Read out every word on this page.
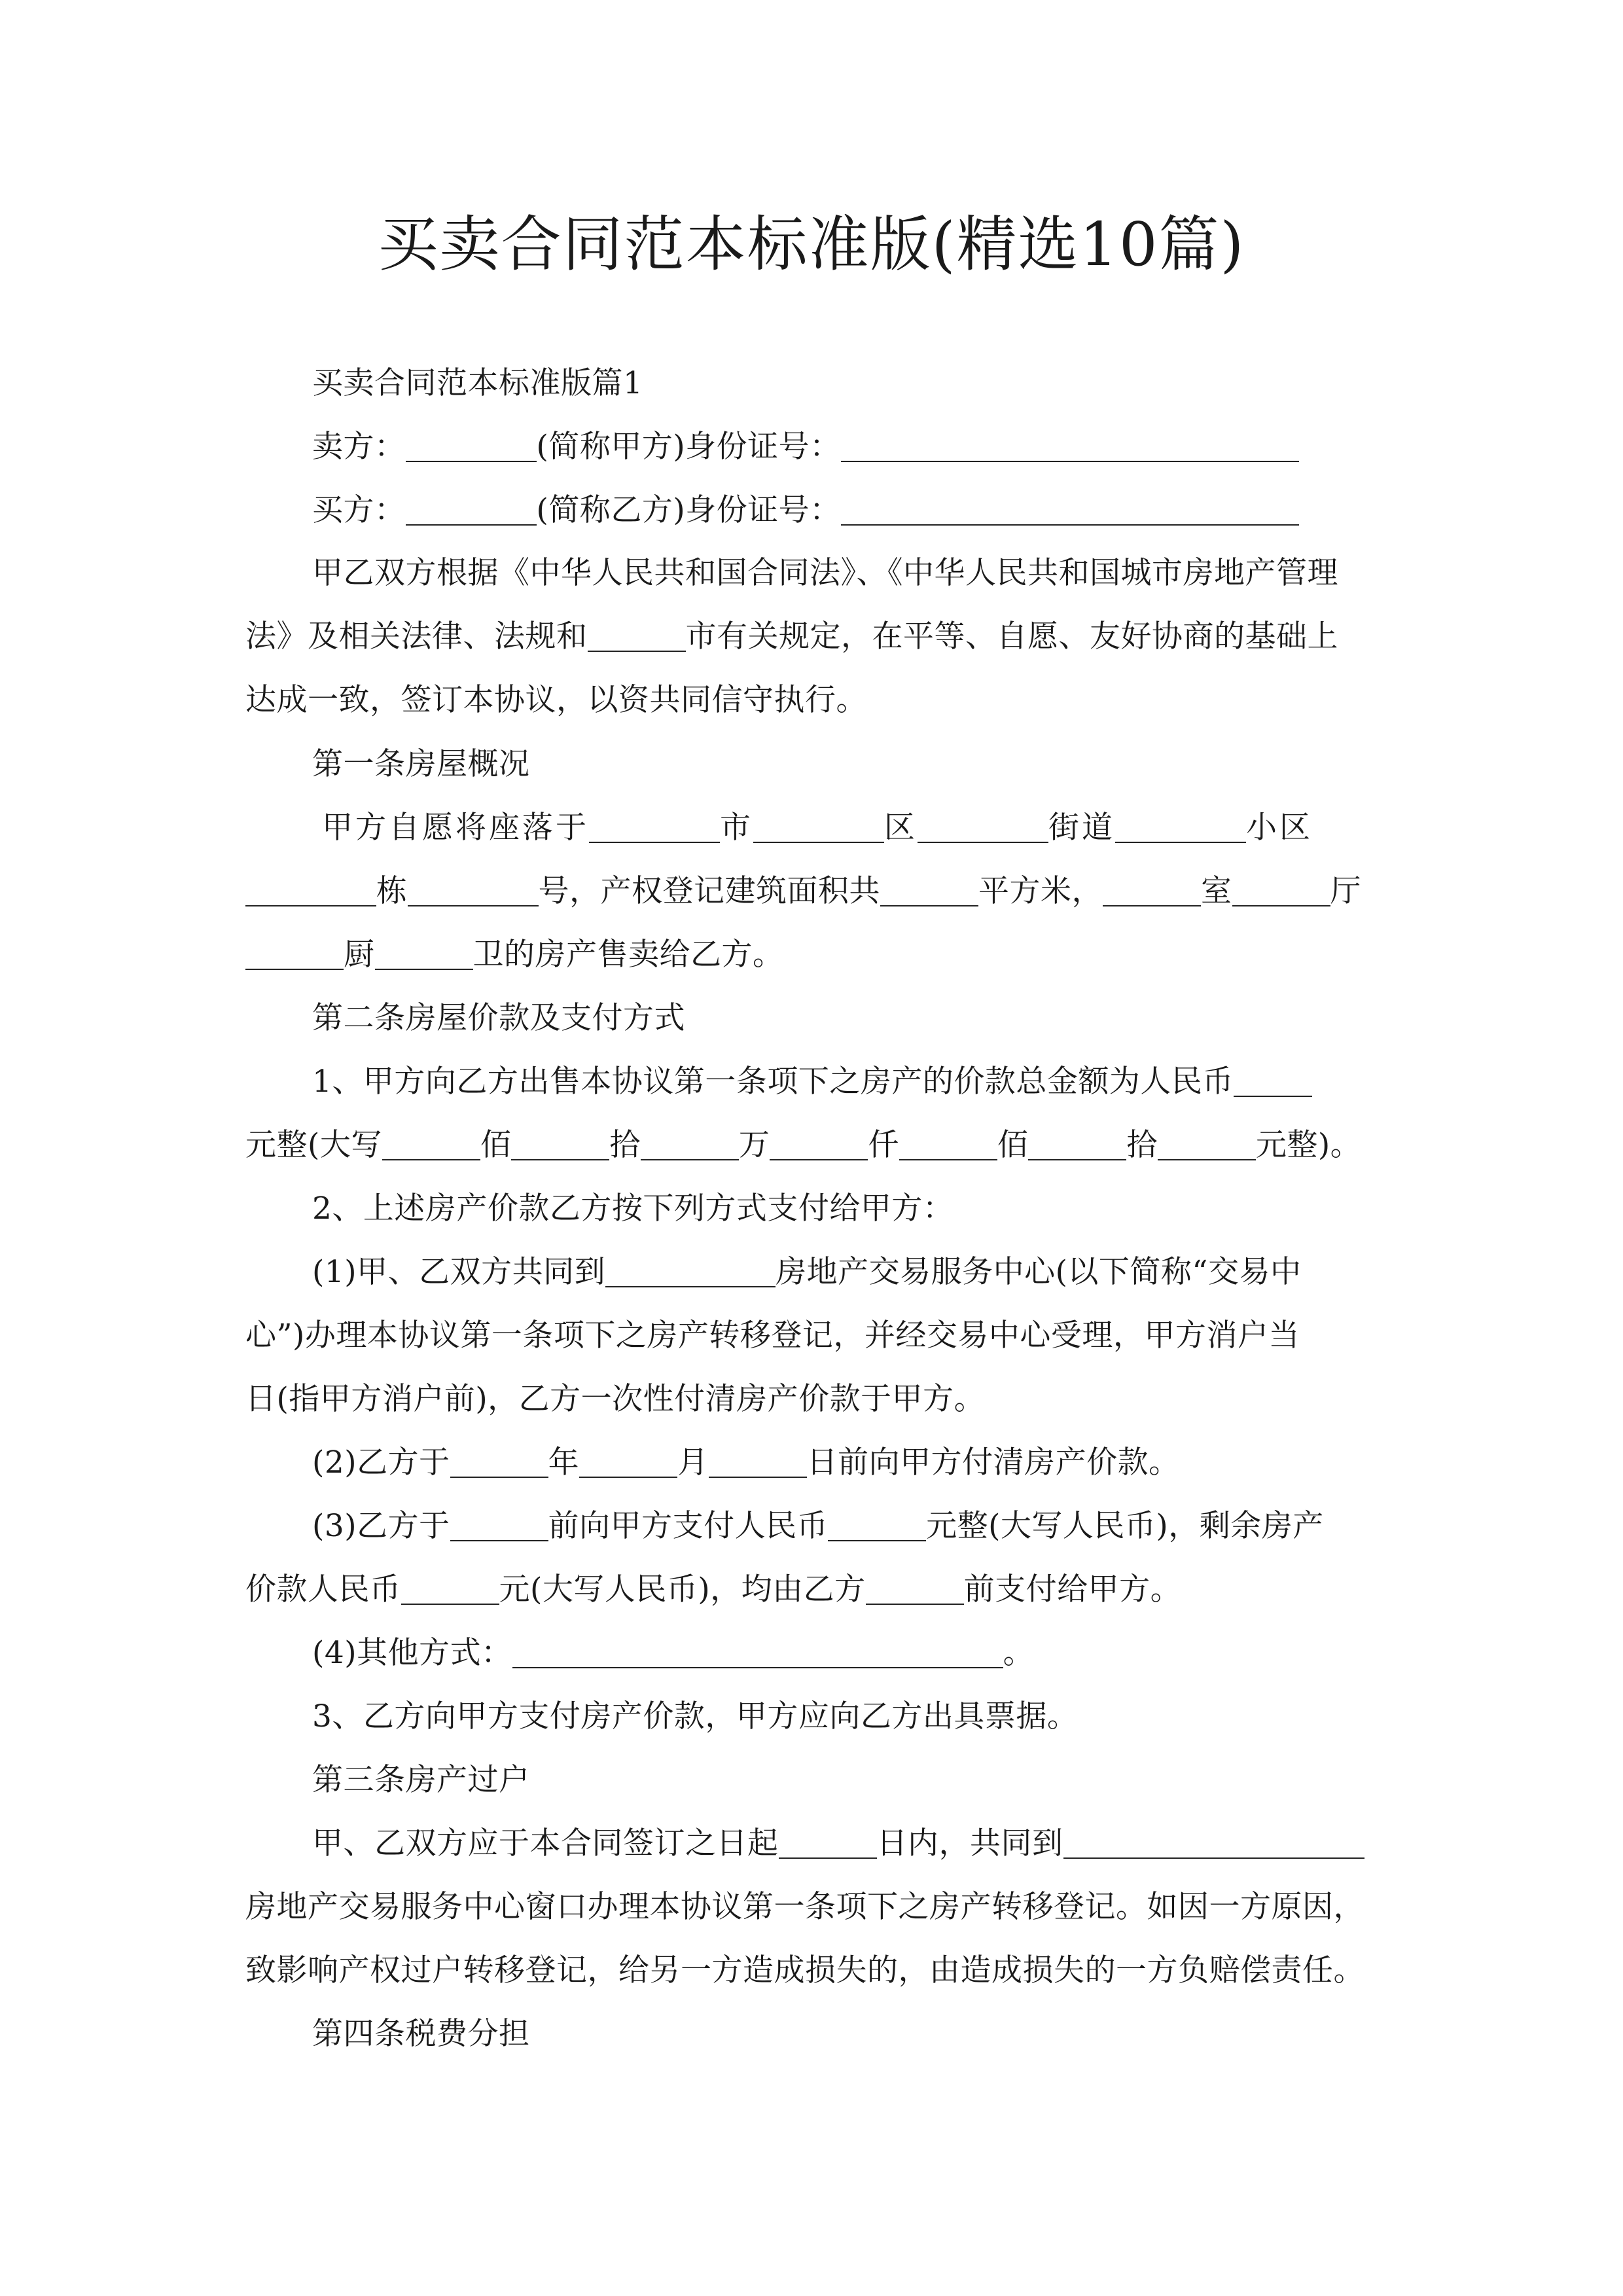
买卖合同范本标准版(精选10篇)
买卖合同范本标准版篇1
卖方：	(简称甲方)身份证号：
买方：	(简称乙方)身份证号：
甲乙双方根据《中华人民共和国合同法》、《中华人民共和国城市房地产管理
法》及相关法律、法规和	市有关规定，在平等、自愿、友好协商的基础上
达成一致，签订本协议，以资共同信守执行。
第一条房屋概况
甲方自愿将座落于	市	区	街道	小区
栋	号，产权登记建筑面积共	平方米，	室	厅
厨	卫的房产售卖给乙方。
第二条房屋价款及支付方式
1、甲方向乙方出售本协议第一条项下之房产的价款总金额为人民币
元整(大写	佰	拾	万	仟	佰	拾	元整)。
2、上述房产价款乙方按下列方式支付给甲方：
(1)甲、乙双方共同到	房地产交易服务中心(以下简称“交易中
心”)办理本协议第一条项下之房产转移登记，并经交易中心受理，甲方消户当
日(指甲方消户前)，乙方一次性付清房产价款于甲方。
(2)乙方于	年	月	日前向甲方付清房产价款。
(3)乙方于	前向甲方支付人民币	元整(大写人民币)，剩余房产
价款人民币	元(大写人民币)，均由乙方	前支付给甲方。
(4)其他方式：	。
3、乙方向甲方支付房产价款，甲方应向乙方出具票据。
第三条房产过户
甲、乙双方应于本合同签订之日起	日内，共同到
房地产交易服务中心窗口办理本协议第一条项下之房产转移登记。如因一方原因，
致影响产权过户转移登记，给另一方造成损失的，由造成损失的一方负赔偿责任。
第四条税费分担
